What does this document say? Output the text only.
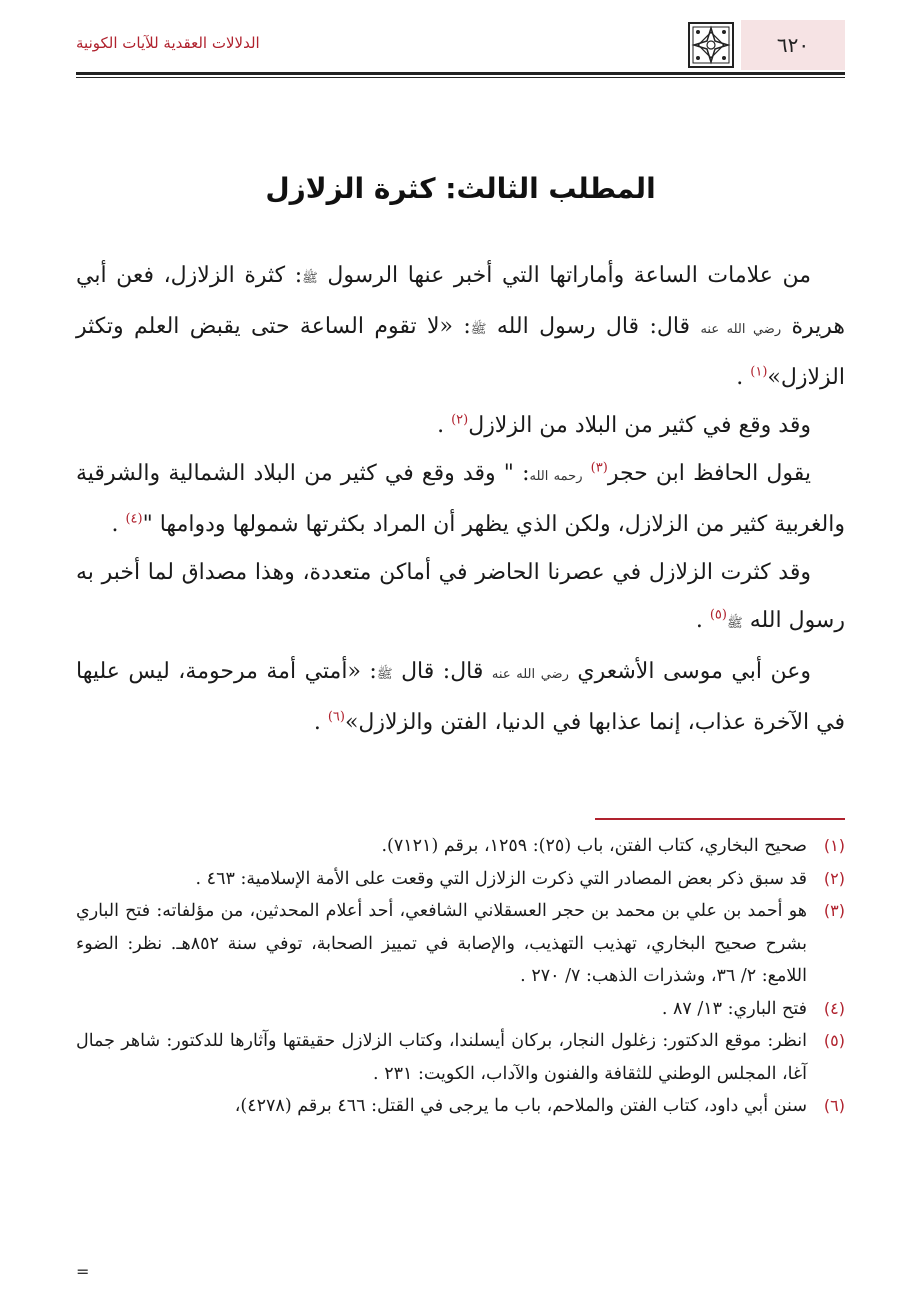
٦٢٠
الدلالات العقدية للآيات الكونية
المطلب الثالث: كثرة الزلازل

من علامات الساعة وأماراتها التي أخبر عنها الرسول ﷺ: كثرة الزلازل، فعن أبي هريرة رضي الله عنه قال: قال رسول الله ﷺ: «لا تقوم الساعة حتى يقبض العلم وتكثر الزلازل»$^{(١)}$ .

وقد وقع في كثير من البلاد من الزلازل$^{(٢)}$ .

يقول الحافظ ابن حجر$^{(٣)}$ رحمه الله: " وقد وقع في كثير من البلاد الشمالية والشرقية والغربية كثير من الزلازل، ولكن الذي يظهر أن المراد بكثرتها شمولها ودوامها "$^{(٤)}$ .

وقد كثرت الزلازل في عصرنا الحاضر في أماكن متعددة، وهذا مصداق لما أخبر به رسول الله ﷺ$^{(٥)}$ .

وعن أبي موسى الأشعري رضي الله عنه قال: قال ﷺ: «أمتي أمة مرحومة، ليس عليها في الآخرة عذاب، إنما عذابها في الدنيا، الفتن والزلازل»$^{(٦)}$ .

(١)
صحيح البخاري، كتاب الفتن، باب (٢٥): ١٢٥٩، برقم (٧١٢١).
(٢)
قد سبق ذكر بعض المصادر التي ذكرت الزلازل التي وقعت على الأمة الإسلامية: ٤٦٣ .
(٣)
هو أحمد بن علي بن محمد بن حجر العسقلاني الشافعي، أحد أعلام المحدثين، من مؤلفاته: فتح الباري بشرح صحيح البخاري، تهذيب التهذيب، والإصابة في تمييز الصحابة، توفي سنة ٨٥٢هـ. نظر: الضوء اللامع: ٢/ ٣٦، وشذرات الذهب: ٧/ ٢٧٠ .
(٤)
فتح الباري: ١٣/ ٨٧ .
(٥)
انظر: موقع الدكتور: زغلول النجار، بركان أيسلندا، وكتاب الزلازل حقيقتها وآثارها للدكتور: شاهر جمال آغا، المجلس الوطني للثقافة والفنون والآداب، الكويت: ٢٣١ .
(٦)
سنن أبي داود، كتاب الفتن والملاحم، باب ما يرجى في القتل: ٤٦٦ برقم (٤٢٧٨)،
=
